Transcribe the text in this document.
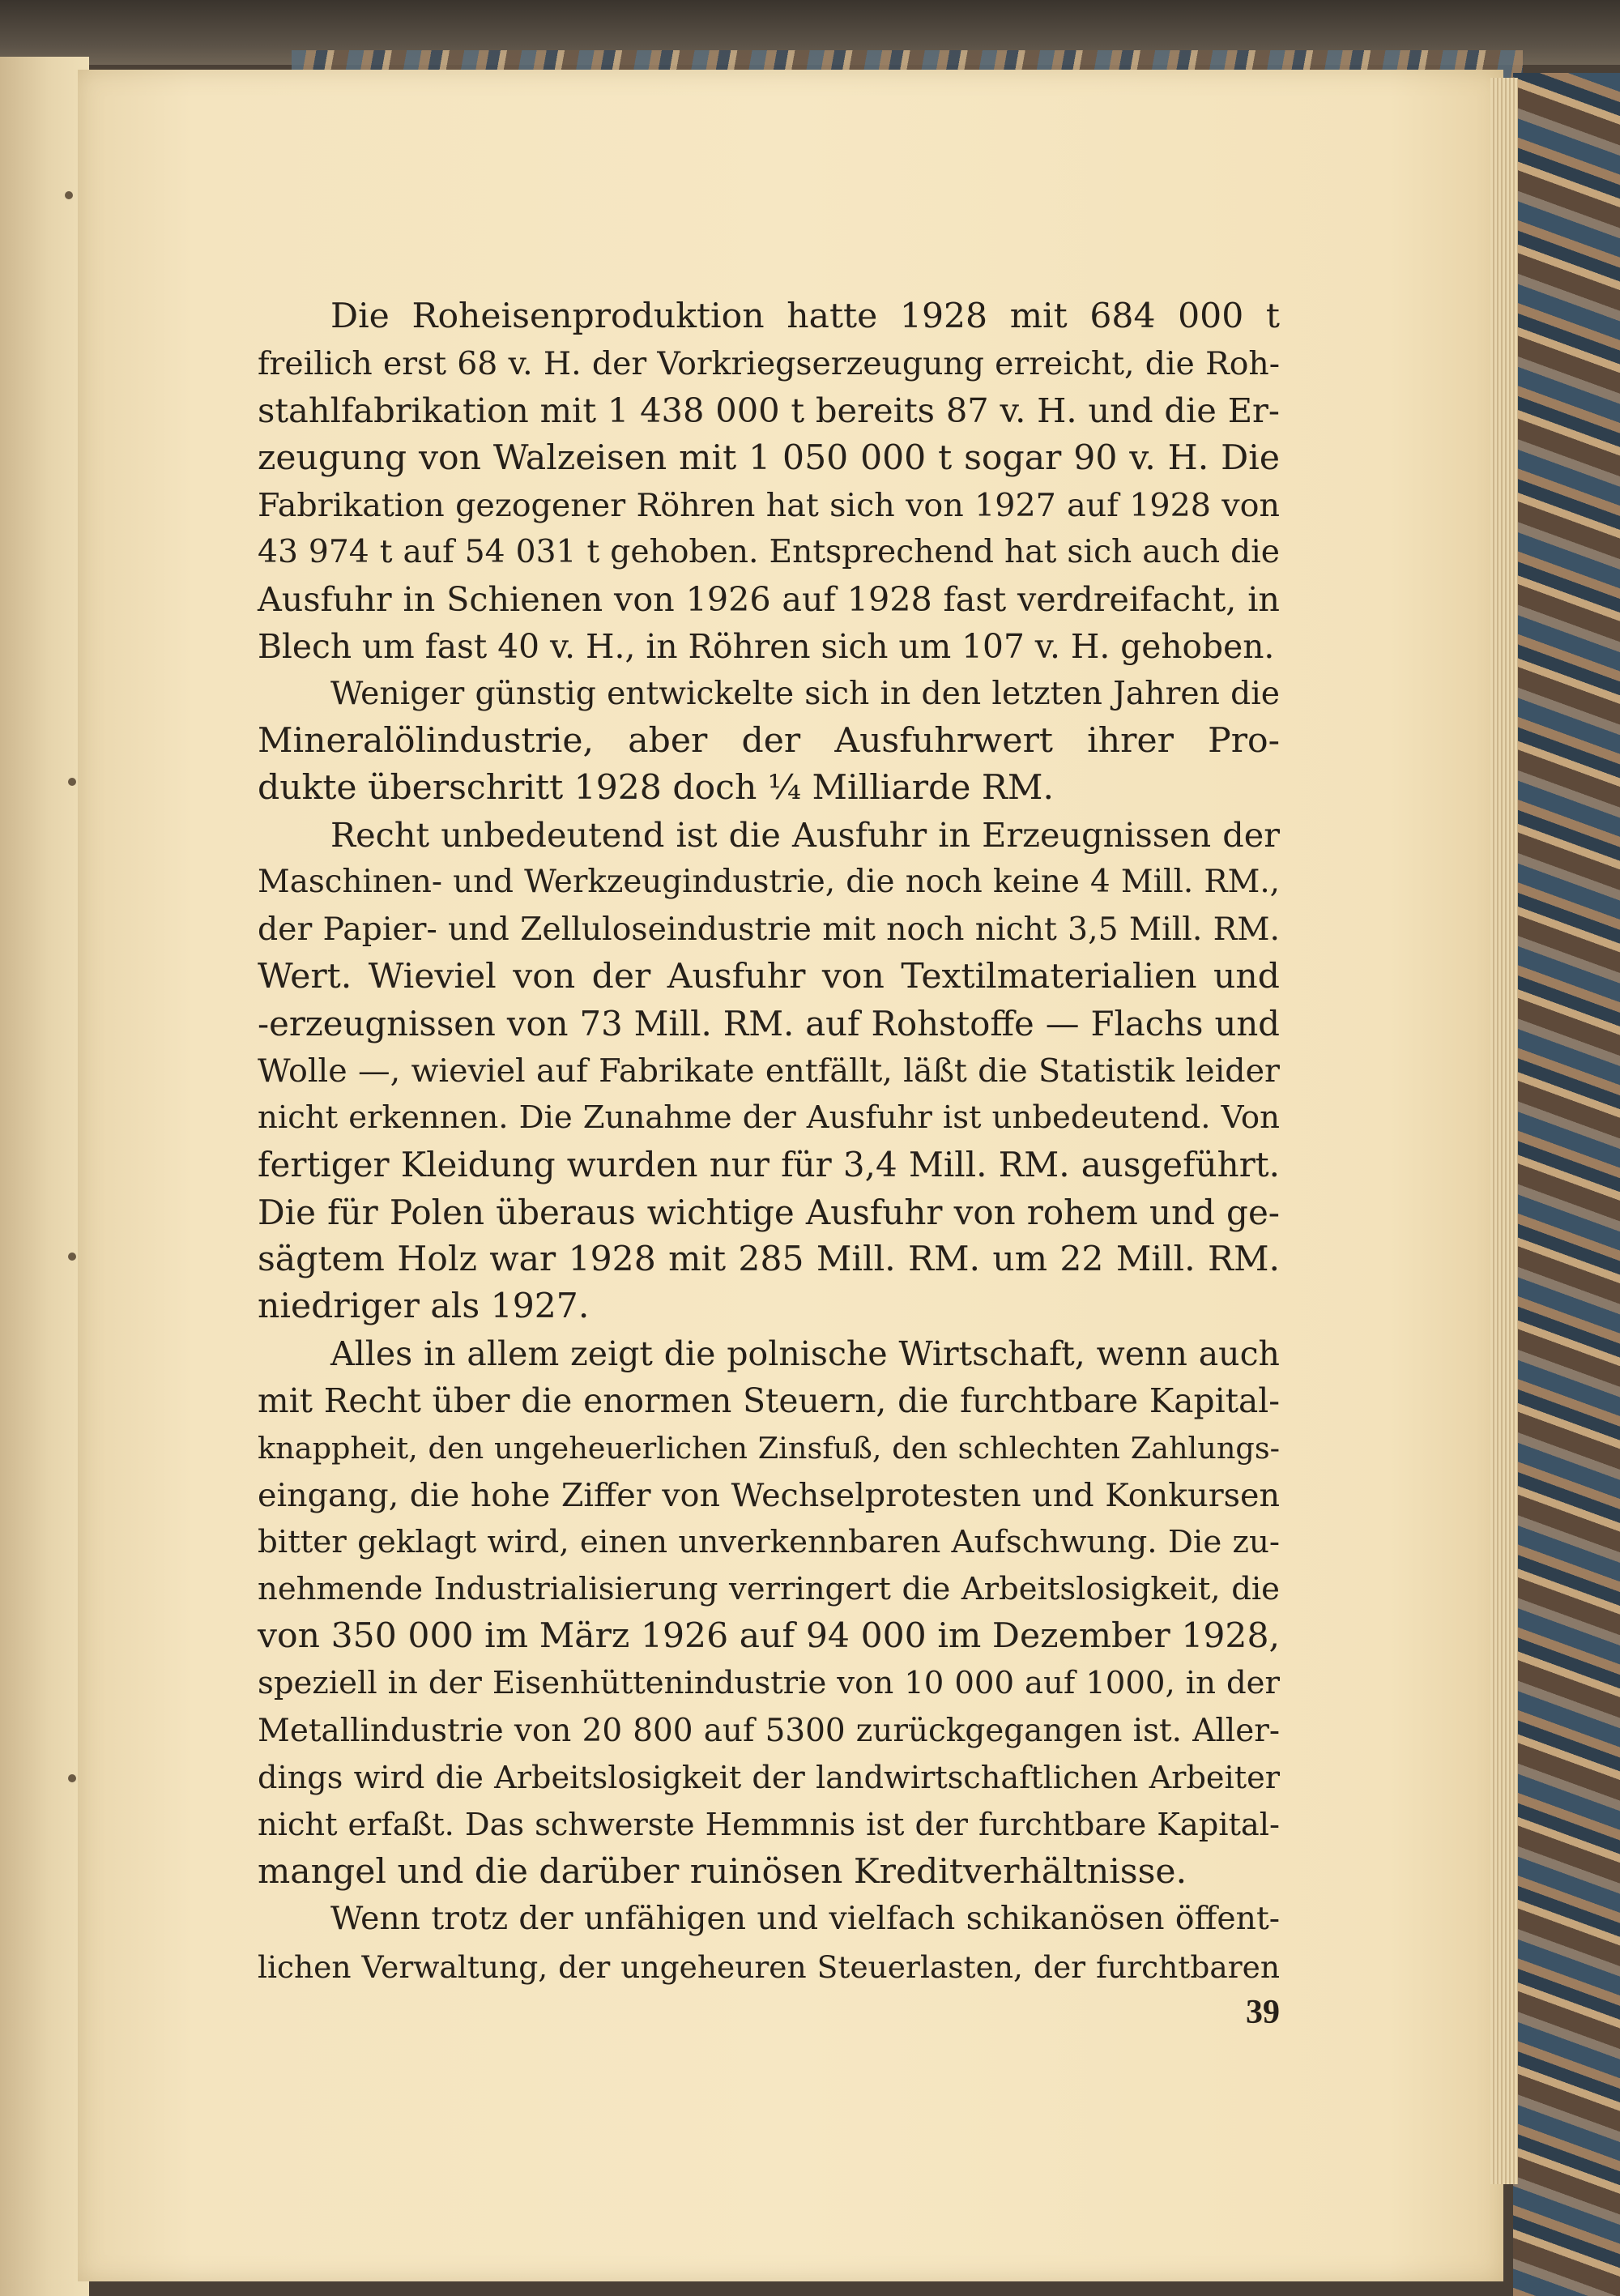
Die Roheisenproduktion hatte 1928 mit 684 000 t
freilich erst 68 v. H. der Vorkriegserzeugung erreicht, die Roh-
stahlfabrikation mit 1 438 000 t bereits 87 v. H. und die Er-
zeugung von Walzeisen mit 1 050 000 t sogar 90 v. H. Die
Fabrikation gezogener Röhren hat sich von 1927 auf 1928 von
43 974 t auf 54 031 t gehoben. Entsprechend hat sich auch die
Ausfuhr in Schienen von 1926 auf 1928 fast verdreifacht, in
Blech um fast 40 v. H., in Röhren sich um 107 v. H. gehoben.
Weniger günstig entwickelte sich in den letzten Jahren die
Mineralölindustrie, aber der Ausfuhrwert ihrer Pro-
dukte überschritt 1928 doch ¼ Milliarde RM.
Recht unbedeutend ist die Ausfuhr in Erzeugnissen der
Maschinen- und Werkzeugindustrie, die noch keine 4 Mill. RM.,
der Papier- und Zelluloseindustrie mit noch nicht 3,5 Mill. RM.
Wert. Wieviel von der Ausfuhr von Textilmaterialien und
-erzeugnissen von 73 Mill. RM. auf Rohstoffe — Flachs und
Wolle —, wieviel auf Fabrikate entfällt, läßt die Statistik leider
nicht erkennen. Die Zunahme der Ausfuhr ist unbedeutend. Von
fertiger Kleidung wurden nur für 3,4 Mill. RM. ausgeführt.
Die für Polen überaus wichtige Ausfuhr von rohem und ge-
sägtem Holz war 1928 mit 285 Mill. RM. um 22 Mill. RM.
niedriger als 1927.
Alles in allem zeigt die polnische Wirtschaft, wenn auch
mit Recht über die enormen Steuern, die furchtbare Kapital-
knappheit, den ungeheuerlichen Zinsfuß, den schlechten Zahlungs-
eingang, die hohe Ziffer von Wechselprotesten und Konkursen
bitter geklagt wird, einen unverkennbaren Aufschwung. Die zu-
nehmende Industrialisierung verringert die Arbeitslosigkeit, die
von 350 000 im März 1926 auf 94 000 im Dezember 1928,
speziell in der Eisenhüttenindustrie von 10 000 auf 1000, in der
Metallindustrie von 20 800 auf 5300 zurückgegangen ist. Aller-
dings wird die Arbeitslosigkeit der landwirtschaftlichen Arbeiter
nicht erfaßt. Das schwerste Hemmnis ist der furchtbare Kapital-
mangel und die darüber ruinösen Kreditverhältnisse.
Wenn trotz der unfähigen und vielfach schikanösen öffent-
lichen Verwaltung, der ungeheuren Steuerlasten, der furchtbaren
39
